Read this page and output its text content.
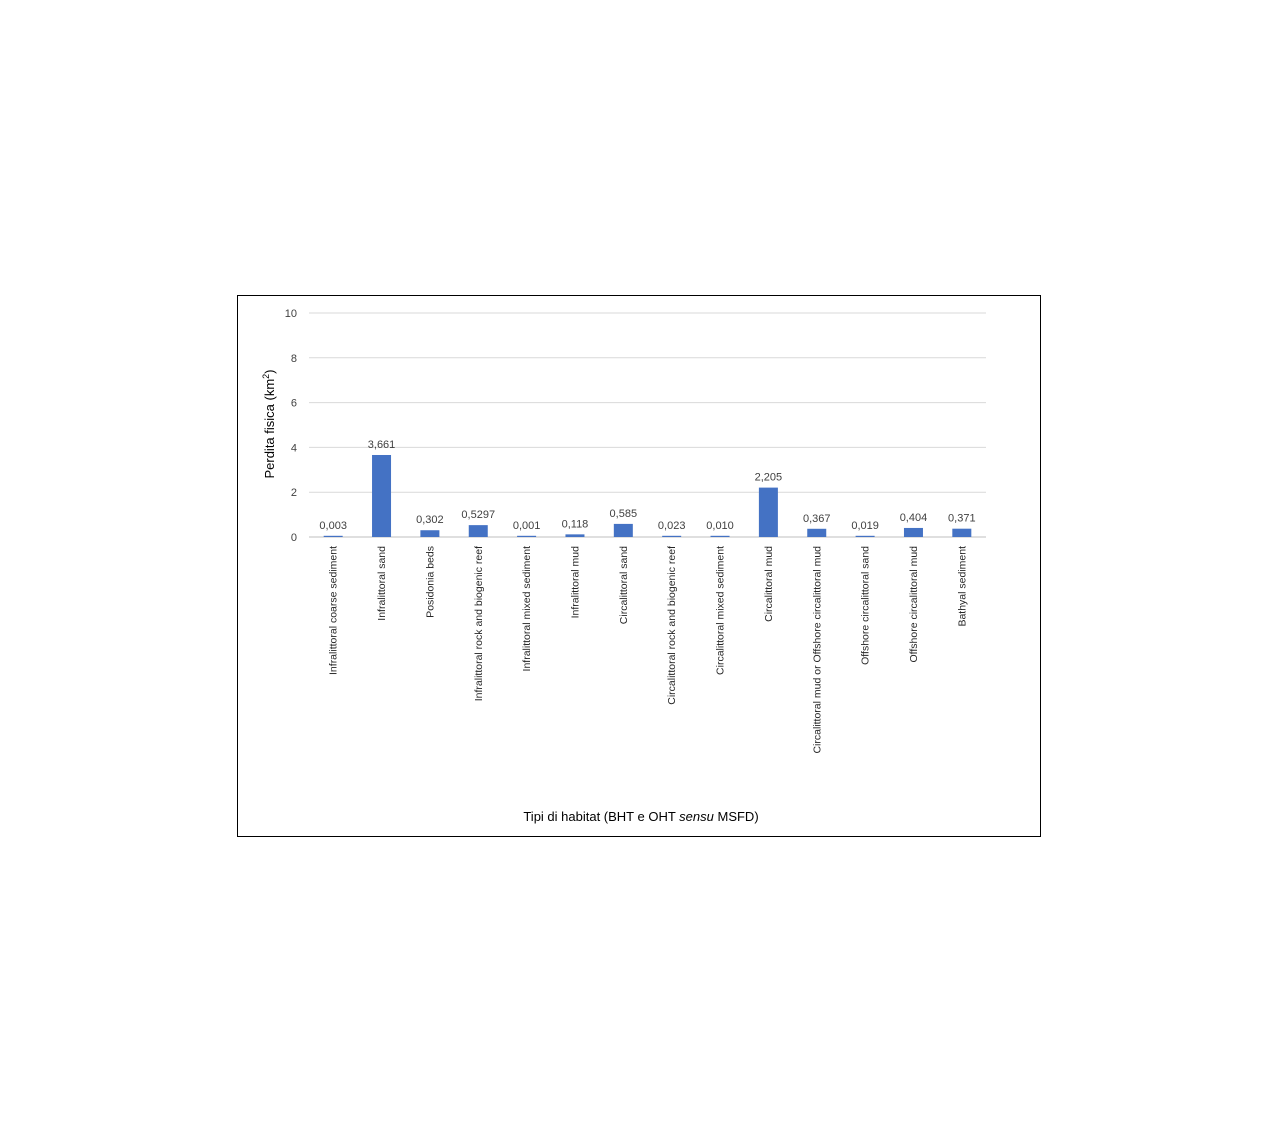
0
2
4
6
8
10
0,003
3,661
0,302 0,5297
0,001 0,118
0,585
0,023 0,010
2,205
0,367
0,019
0,404 0,371
Infralittoral coarse sediment	Infralittoral sand	Posidonia beds	Infralittoral rock and biogenic reef	Infralittoral mixed sediment	Infralittoral mud	Circalittoral sand	Circalittoral rock and biogenic reef	Circalittoral mixed sediment	Circalittoral mud	Circalittoral mud or Offshore circalittoral mud	Offshore circalittoral sand	Offshore circalittoral mud	Bathyal sediment
Perdita fisica $(km^2)$
Tipi di habitat (BHT e OHT sensu MSFD)
